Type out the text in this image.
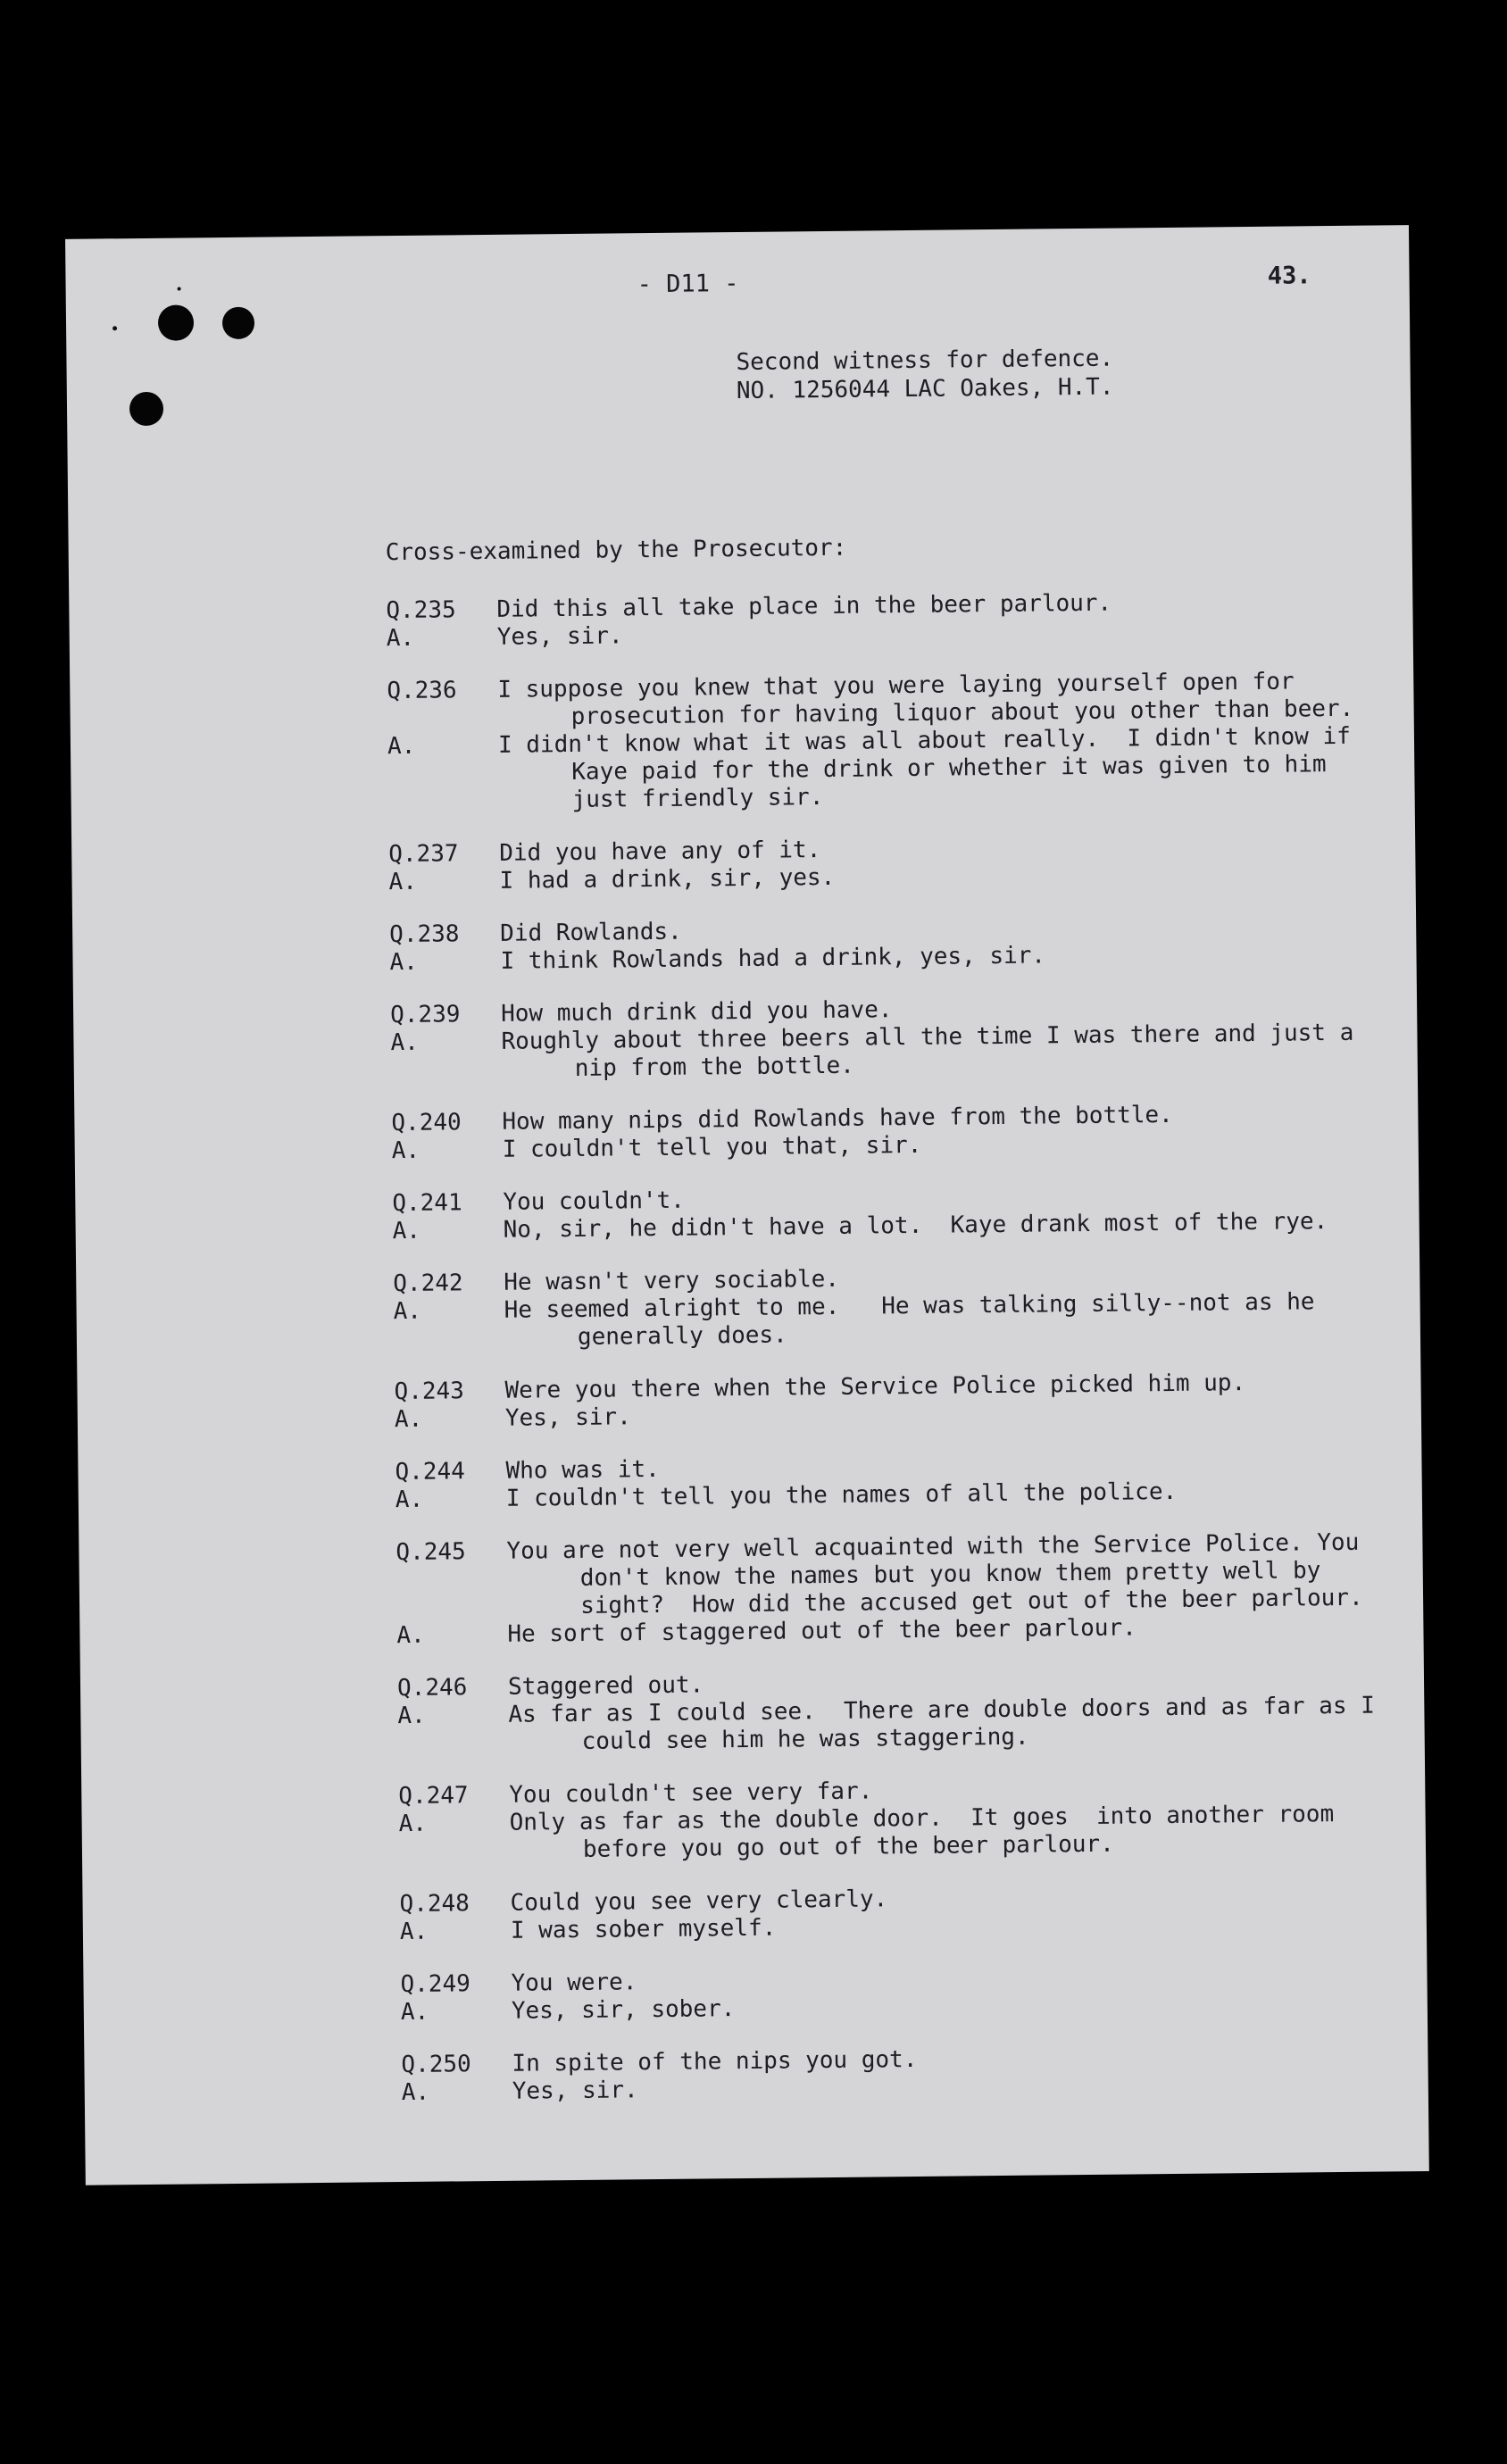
- D11 -	43.
Second witness for defence.
NO. 1256044 LAC Oakes, H.T.
Cross-examined by the Prosecutor:
Q.235	Did this all take place in the beer parlour.
A.	Yes, sir.
Q.236	I suppose you knew that you were laying yourself open for prosecution for having liquor about you other than beer.
A.	I didn't know what it was all about really.  I didn't know if Kaye paid for the drink or whether it was given to him just friendly sir.
Q.237	Did you have any of it.
A.	I had a drink, sir, yes.
Q.238	Did Rowlands.
A.	I think Rowlands had a drink, yes, sir.
Q.239	How much drink did you have.
A.	Roughly about three beers all the time I was there and just a nip from the bottle.
Q.240	How many nips did Rowlands have from the bottle.
A.	I couldn't tell you that, sir.
Q.241	You couldn't.
A.	No, sir, he didn't have a lot.  Kaye drank most of the rye.
Q.242	He wasn't very sociable.
A.	He seemed alright to me.   He was talking silly--not as he generally does.
Q.243	Were you there when the Service Police picked him up.
A.	Yes, sir.
Q.244	Who was it.
A.	I couldn't tell you the names of all the police.
Q.245	You are not very well acquainted with the Service Police. You don't know the names but you know them pretty well by sight?  How did the accused get out of the beer parlour.
A.	He sort of staggered out of the beer parlour.
Q.246	Staggered out.
A.	As far as I could see.  There are double doors and as far as I could see him he was staggering.
Q.247	You couldn't see very far.
A.	Only as far as the double door.  It goes  into another room before you go out of the beer parlour.
Q.248	Could you see very clearly.
A.	I was sober myself.
Q.249	You were.
A.	Yes, sir, sober.
Q.250	In spite of the nips you got.
A.	Yes, sir.
